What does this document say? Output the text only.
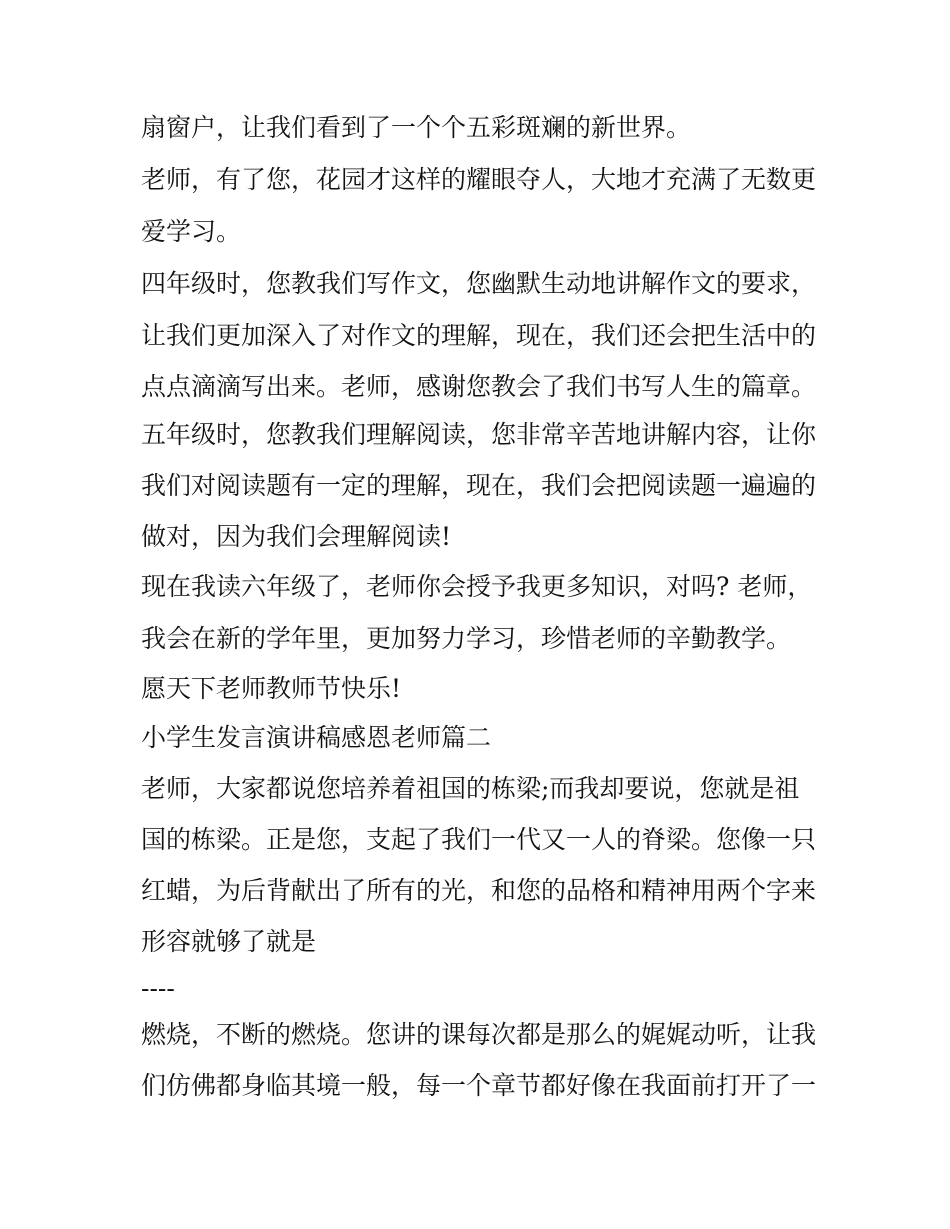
扇窗户，让我们看到了一个个五彩斑斓的新世界。
老师，有了您，花园才这样的耀眼夺人，大地才充满了无数更
爱学习。
四年级时，您教我们写作文，您幽默生动地讲解作文的要求，
让我们更加深入了对作文的理解，现在，我们还会把生活中的
点点滴滴写出来。老师，感谢您教会了我们书写人生的篇章。
五年级时，您教我们理解阅读，您非常辛苦地讲解内容，让你
我们对阅读题有一定的理解，现在，我们会把阅读题一遍遍的
做对，因为我们会理解阅读!
现在我读六年级了，老师你会授予我更多知识，对吗? 老师，
我会在新的学年里，更加努力学习，珍惜老师的辛勤教学。
愿天下老师教师节快乐!
小学生发言演讲稿感恩老师篇二
老师，大家都说您培养着祖国的栋梁;而我却要说，您就是祖
国的栋梁。正是您，支起了我们一代又一人的脊梁。您像一只
红蜡，为后背献出了所有的光，和您的品格和精神用两个字来
形容就够了就是
----
燃烧，不断的燃烧。您讲的课每次都是那么的娓娓动听，让我
们仿佛都身临其境一般，每一个章节都好像在我面前打开了一
